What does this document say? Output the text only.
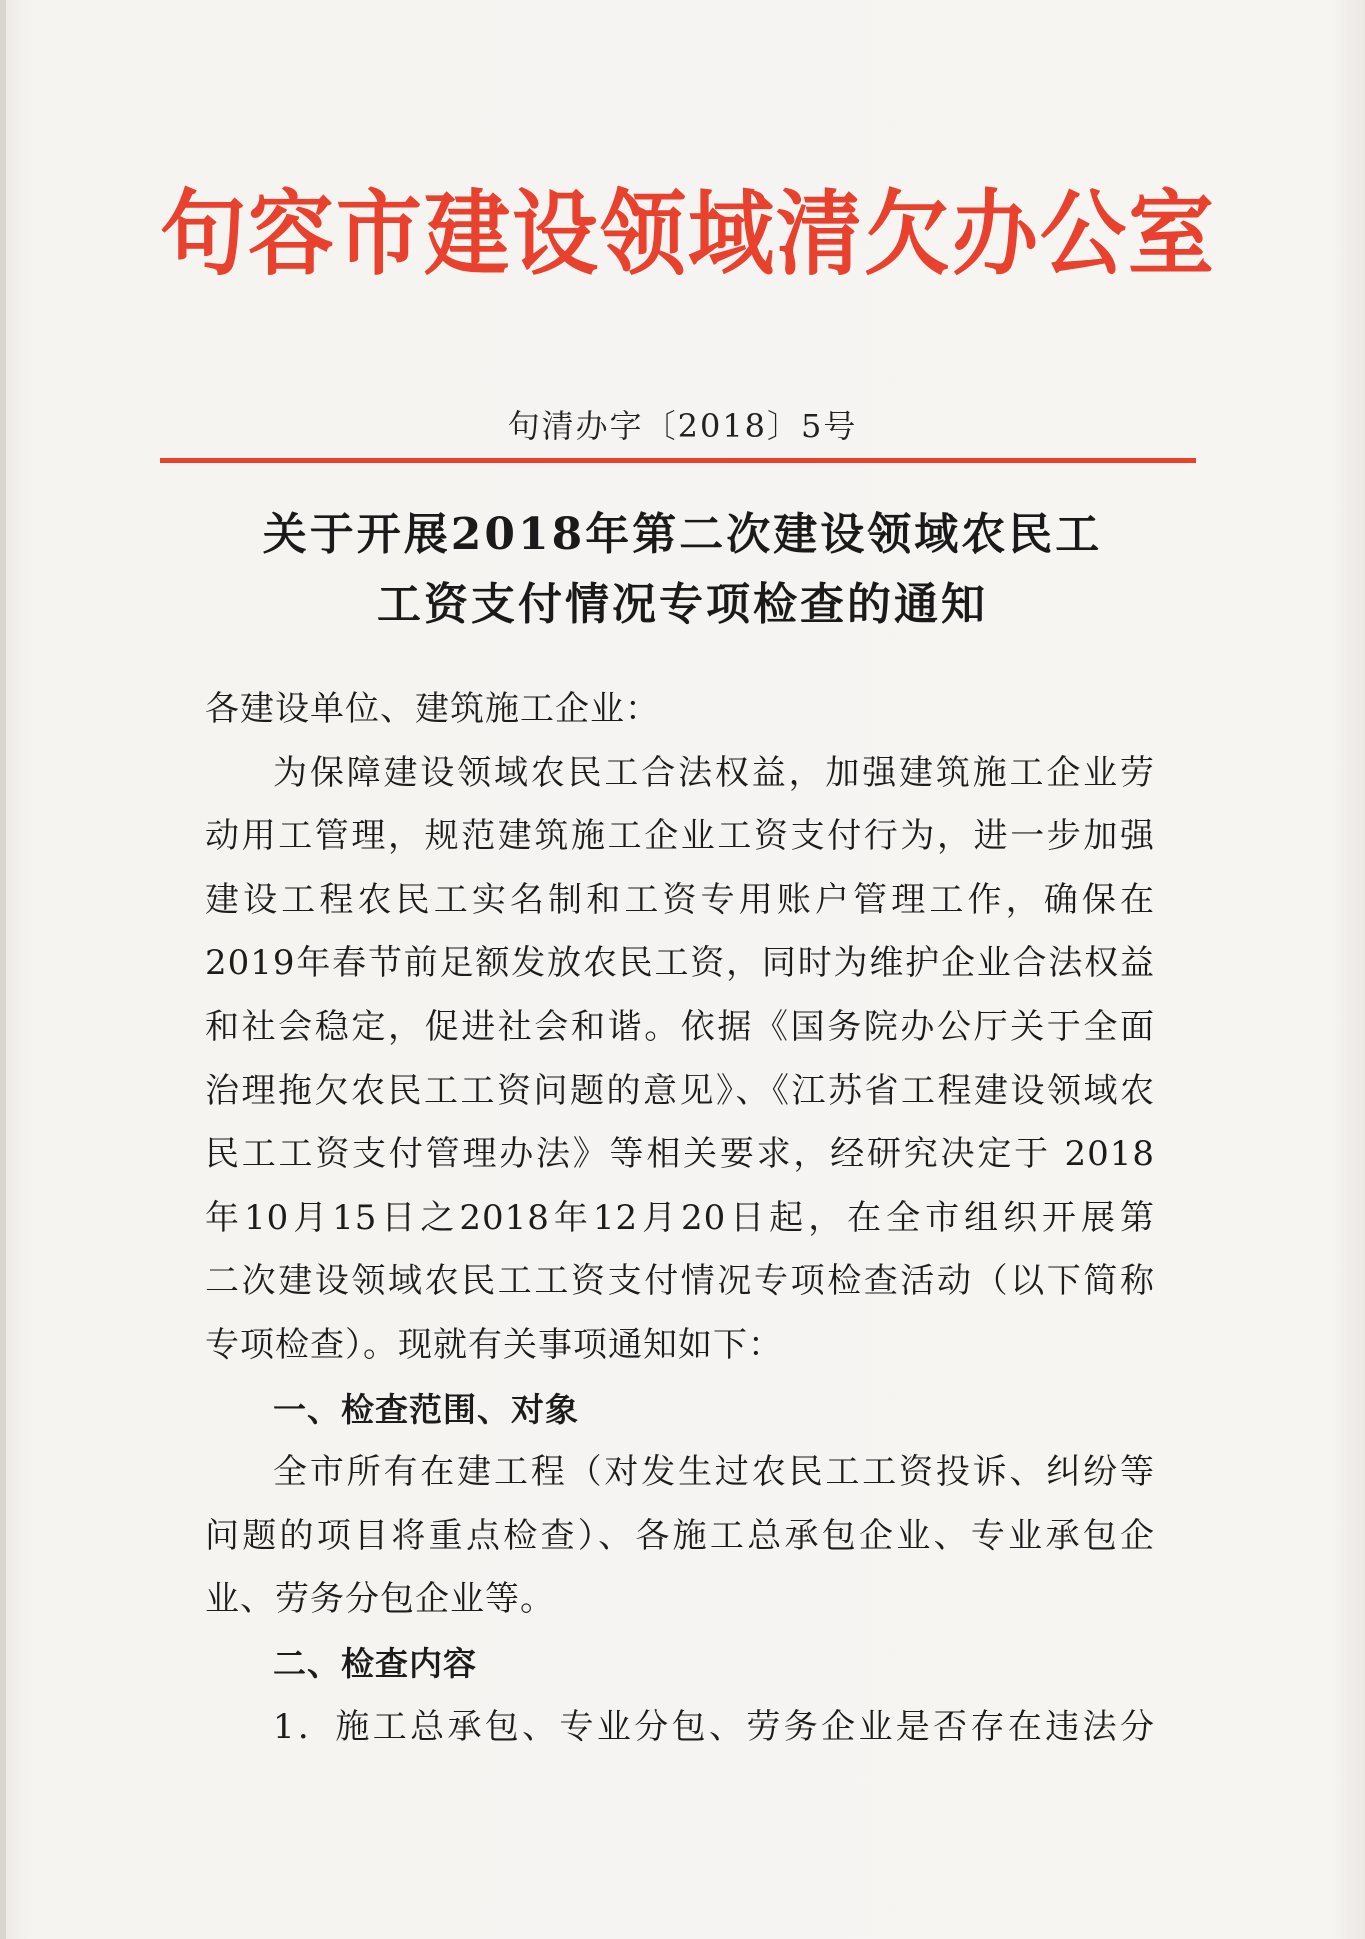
句容市建设领域清欠办公室
句清办字〔2018〕5号
关于开展2018年第二次建设领域农民工
工资支付情况专项检查的通知
各建设单位、建筑施工企业：
为保障建设领域农民工合法权益，加强建筑施工企业劳
动用工管理，规范建筑施工企业工资支付行为，进一步加强
建设工程农民工实名制和工资专用账户管理工作，确保在
2019年春节前足额发放农民工资，同时为维护企业合法权益
和社会稳定，促进社会和谐。依据《国务院办公厅关于全面
治理拖欠农民工工资问题的意见》、《江苏省工程建设领域农
民工工资支付管理办法》等相关要求，经研究决定于 2018
年10月15日之2018年12月20日起，在全市组织开展第
二次建设领域农民工工资支付情况专项检查活动（以下简称
专项检查）。现就有关事项通知如下：
一、检查范围、对象
全市所有在建工程（对发生过农民工工资投诉、纠纷等
问题的项目将重点检查）、各施工总承包企业、专业承包企
业、劳务分包企业等。
二、检查内容
1．施工总承包、专业分包、劳务企业是否存在违法分
